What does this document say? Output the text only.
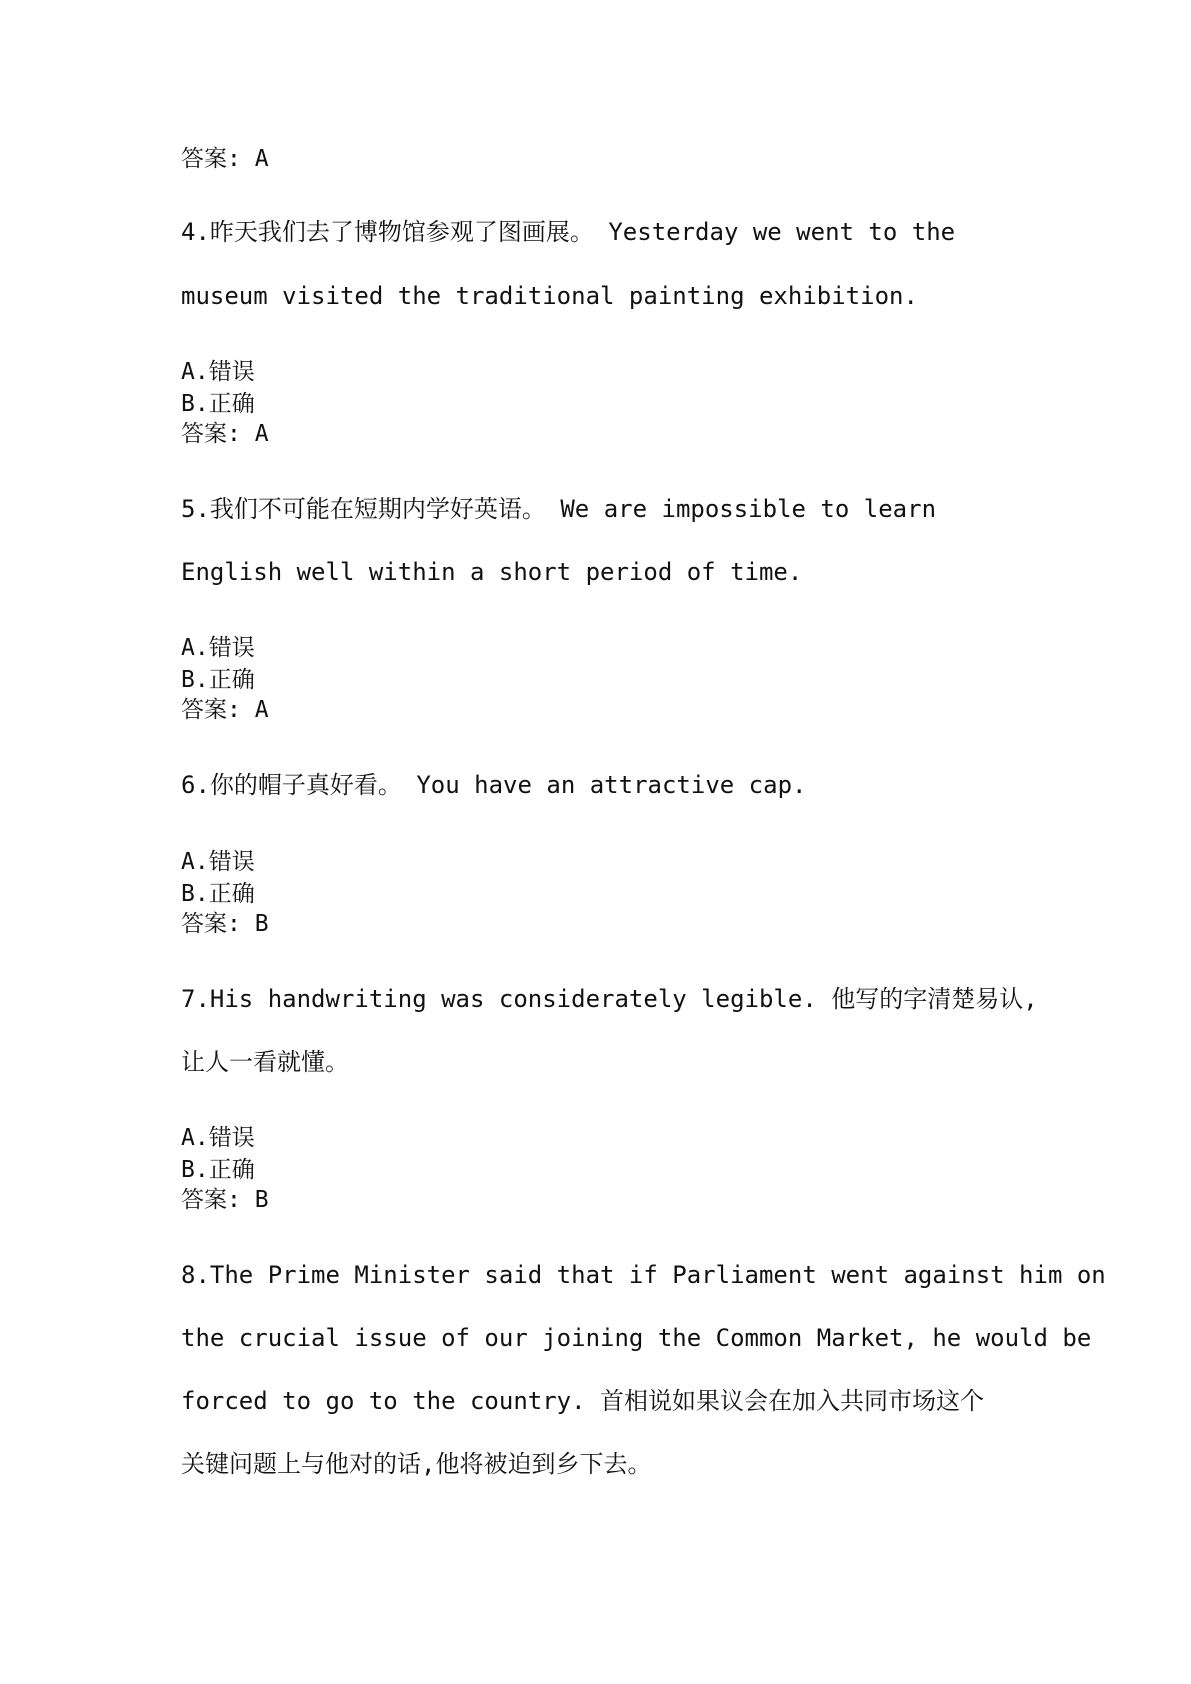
答案: A
4.昨天我们去了博物馆参观了图画展。 Yesterday we went to the
museum visited the traditional painting exhibition.
A.错误
B.正确
答案: A
5.我们不可能在短期内学好英语。 We are impossible to learn
English well within a short period of time.
A.错误
B.正确
答案: A
6.你的帽子真好看。 You have an attractive cap.
A.错误
B.正确
答案: B
7.His handwriting was considerately legible. 他写的字清楚易认,
让人一看就懂。
A.错误
B.正确
答案: B
8.The Prime Minister said that if Parliament went against him on
the crucial issue of our joining the Common Market, he would be
forced to go to the country. 首相说如果议会在加入共同市场这个
关键问题上与他对的话,他将被迫到乡下去。
